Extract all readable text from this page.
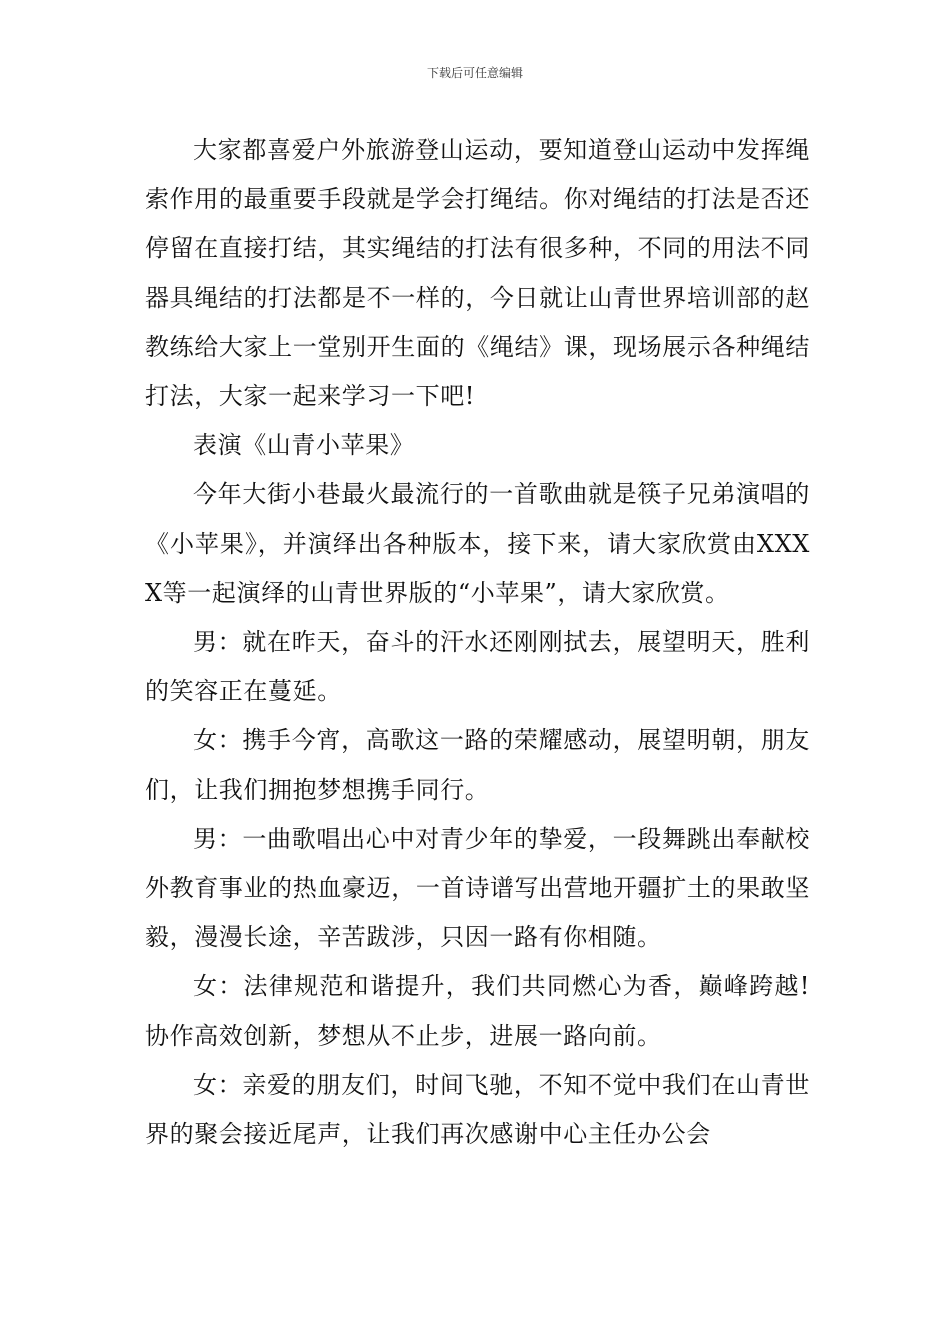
下载后可任意编辑

大家都喜爱户外旅游登山运动，要知道登山运动中发挥绳索作用的最重要手段就是学会打绳结。你对绳结的打法是否还停留在直接打结，其实绳结的打法有很多种，不同的用法不同器具绳结的打法都是不一样的，今日就让山青世界培训部的赵教练给大家上一堂别开生面的《绳结》课，现场展示各种绳结打法，大家一起来学习一下吧!

表演《山青小苹果》

今年大街小巷最火最流行的一首歌曲就是筷子兄弟演唱的《小苹果》，并演绎出各种版本，接下来，请大家欣赏由XXXX等一起演绎的山青世界版的“小苹果”，请大家欣赏。

男：就在昨天，奋斗的汗水还刚刚拭去，展望明天，胜利的笑容正在蔓延。

女：携手今宵，高歌这一路的荣耀感动，展望明朝，朋友们，让我们拥抱梦想携手同行。

男：一曲歌唱出心中对青少年的挚爱，一段舞跳出奉献校外教育事业的热血豪迈，一首诗谱写出营地开疆扩土的果敢坚毅，漫漫长途，辛苦跋涉，只因一路有你相随。

女：法律规范和谐提升，我们共同燃心为香，巅峰跨越!协作高效创新，梦想从不止步，进展一路向前。

女：亲爱的朋友们，时间飞驰，不知不觉中我们在山青世界的聚会接近尾声，让我们再次感谢中心主任办公会
